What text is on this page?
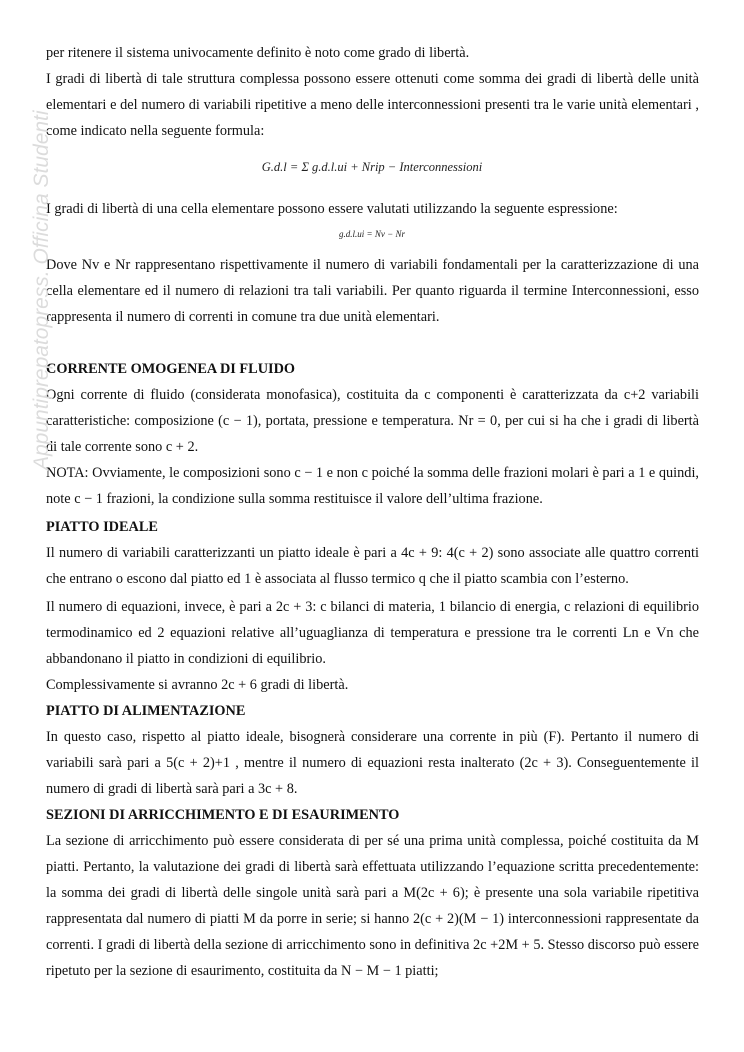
per ritenere il sistema univocamente definito è noto come grado di libertà.

I gradi di libertà di tale struttura complessa possono essere ottenuti come somma dei gradi di libertà delle unità elementari e del numero di variabili ripetitive a meno delle interconnessioni presenti tra le varie unità elementari , come indicato nella seguente formula:

G.d.l = Σ g.d.l.ui + Nrip − Interconnessioni

I gradi di libertà di una cella elementare possono essere valutati utilizzando la seguente espressione:

g.d.l.ui = Nv − Nr

Dove Nv e Nr rappresentano rispettivamente il numero di variabili fondamentali per la caratterizzazione di una cella elementare ed il numero di relazioni tra tali variabili. Per quanto riguarda il termine Interconnessioni, esso rappresenta il numero di correnti in comune tra due unità elementari.

CORRENTE OMOGENEA DI FLUIDO

Ogni corrente di fluido (considerata monofasica), costituita da c componenti è caratterizzata da c+2 variabili caratteristiche: composizione (c − 1), portata, pressione e temperatura. Nr = 0, per cui si ha che i gradi di libertà di tale corrente sono c + 2.

NOTA: Ovviamente, le composizioni sono c − 1 e non c poiché la somma delle frazioni molari è pari a 1 e quindi, note c − 1 frazioni, la condizione sulla somma restituisce il valore dell’ultima frazione.

PIATTO IDEALE

Il numero di variabili caratterizzanti un piatto ideale è pari a 4c + 9: 4(c + 2) sono associate alle quattro correnti che entrano o escono dal piatto ed 1 è associata al flusso termico q che il piatto scambia con l’esterno.

Il numero di equazioni, invece, è pari a 2c + 3: c bilanci di materia, 1 bilancio di energia, c relazioni di equilibrio termodinamico ed 2 equazioni relative all’uguaglianza di temperatura e pressione tra le correnti Ln e Vn che abbandonano il piatto in condizioni di equilibrio.

Complessivamente si avranno 2c + 6 gradi di libertà.

PIATTO DI ALIMENTAZIONE

In questo caso, rispetto al piatto ideale, bisognerà considerare una corrente in più (F). Pertanto il numero di variabili sarà pari a 5(c + 2)+1 , mentre il numero di equazioni resta inalterato (2c + 3). Conseguentemente il numero di gradi di libertà sarà pari a 3c + 8.

SEZIONI DI ARRICCHIMENTO E DI ESAURIMENTO

La sezione di arricchimento può essere considerata di per sé una prima unità complessa, poiché costituita da M piatti. Pertanto, la valutazione dei gradi di libertà sarà effettuata utilizzando l’equazione scritta precedentemente: la somma dei gradi di libertà delle singole unità sarà pari a M(2c + 6); è presente una sola variabile ripetitiva rappresentata dal numero di piatti M da porre in serie; si hanno 2(c + 2)(M − 1) interconnessioni rappresentate da correnti. I gradi di libertà della sezione di arricchimento sono in definitiva 2c +2M + 5. Stesso discorso può essere ripetuto per la sezione di esaurimento, costituita da N − M − 1 piatti;

Appuntiprepatopress. Officina Studenti
